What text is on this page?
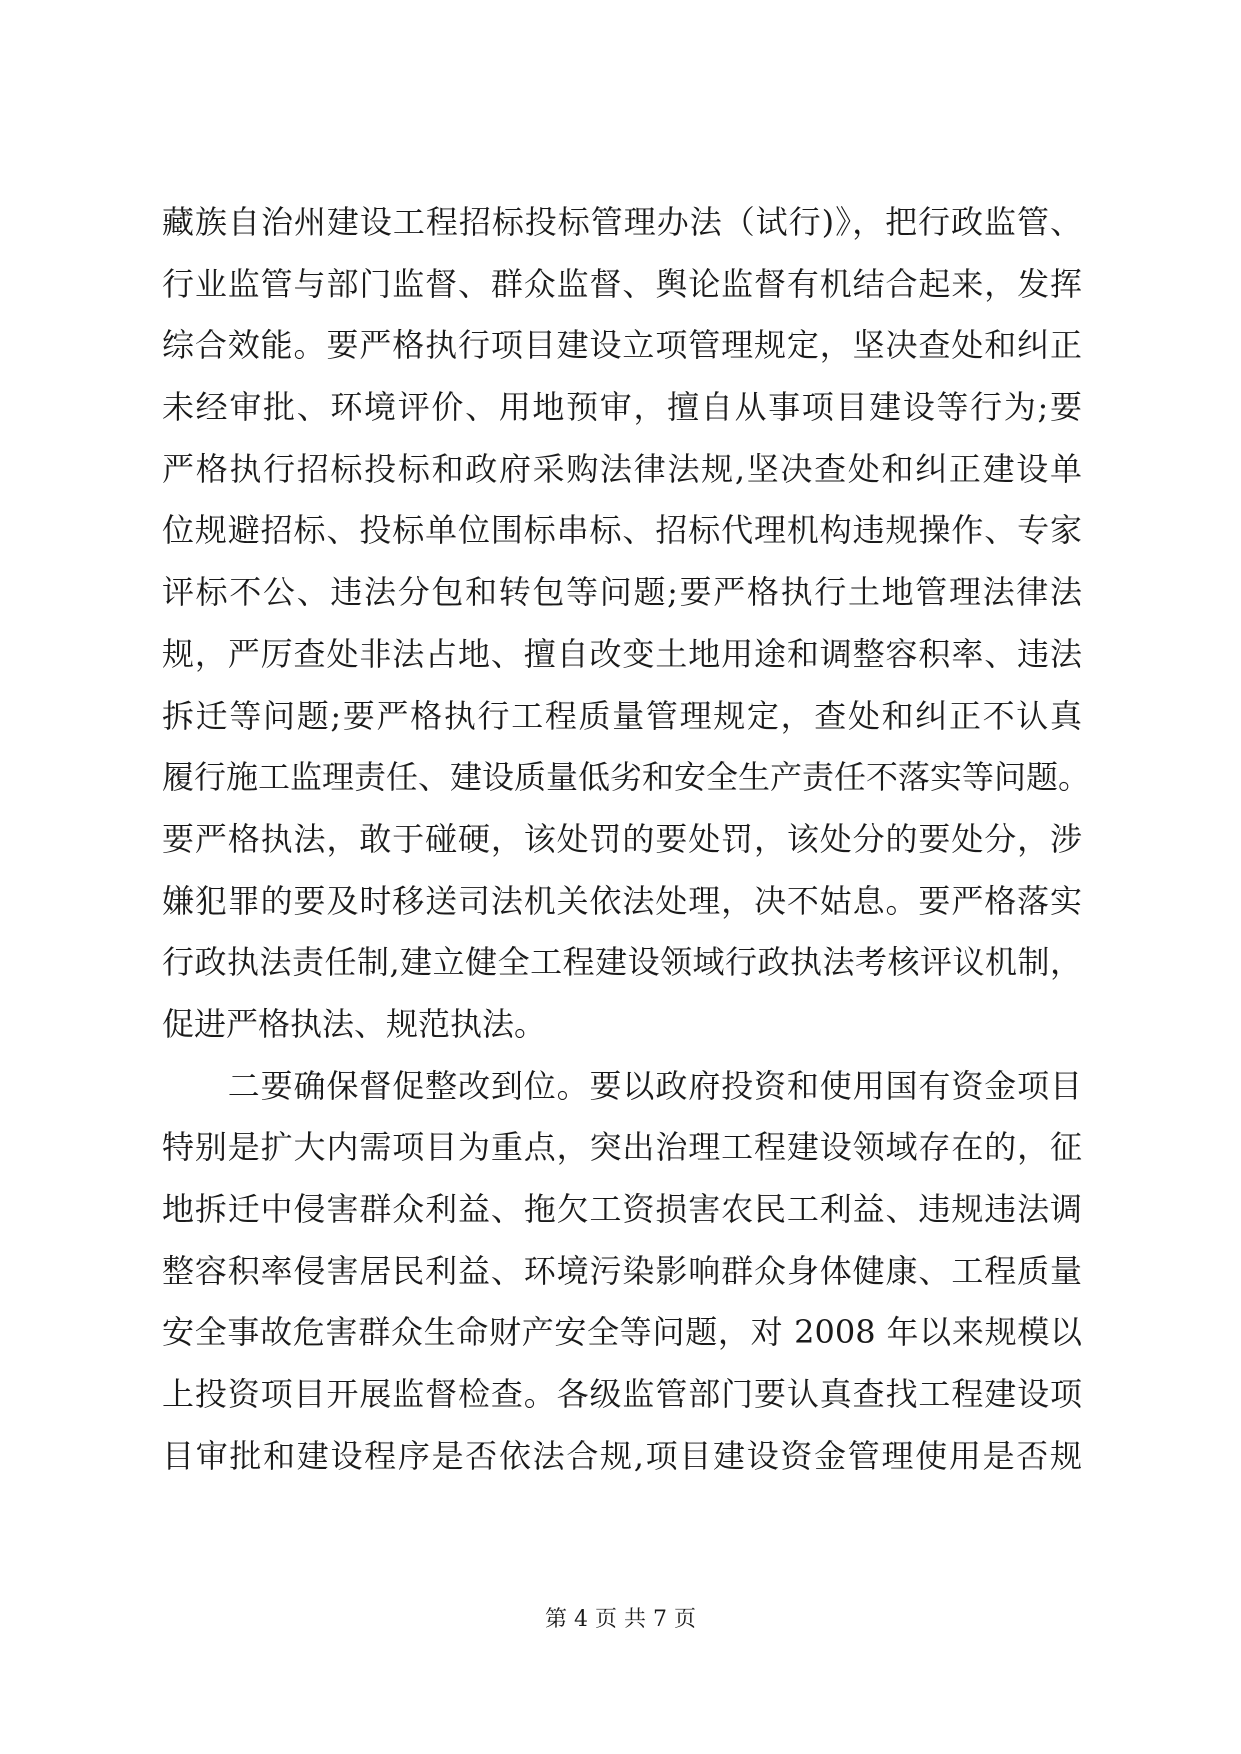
藏族自治州建设工程招标投标管理办法（试行)》，把行政监管、
行业监管与部门监督、群众监督、舆论监督有机结合起来，发挥
综合效能。要严格执行项目建设立项管理规定，坚决查处和纠正
未经审批、环境评价、用地预审，擅自从事项目建设等行为;要
严格执行招标投标和政府采购法律法规,坚决查处和纠正建设单
位规避招标、投标单位围标串标、招标代理机构违规操作、专家
评标不公、违法分包和转包等问题;要严格执行土地管理法律法
规，严厉查处非法占地、擅自改变土地用途和调整容积率、违法
拆迁等问题;要严格执行工程质量管理规定，查处和纠正不认真
履行施工监理责任、建设质量低劣和安全生产责任不落实等问题。
要严格执法，敢于碰硬，该处罚的要处罚，该处分的要处分，涉
嫌犯罪的要及时移送司法机关依法处理，决不姑息。要严格落实
行政执法责任制,建立健全工程建设领域行政执法考核评议机制，
促进严格执法、规范执法。
　　二要确保督促整改到位。要以政府投资和使用国有资金项目
特别是扩大内需项目为重点，突出治理工程建设领域存在的，征
地拆迁中侵害群众利益、拖欠工资损害农民工利益、违规违法调
整容积率侵害居民利益、环境污染影响群众身体健康、工程质量
安全事故危害群众生命财产安全等问题，对 2008 年以来规模以
上投资项目开展监督检查。各级监管部门要认真查找工程建设项
目审批和建设程序是否依法合规,项目建设资金管理使用是否规
第 4 页 共 7 页
